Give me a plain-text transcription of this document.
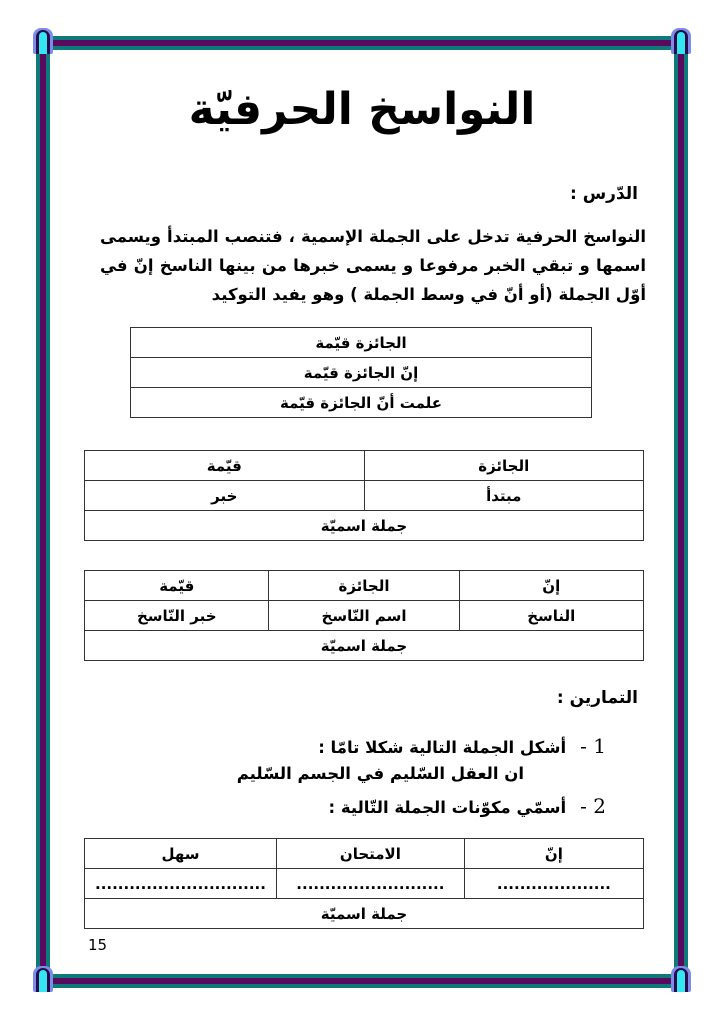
النواسخ الحرفيّة
الدّرس :
النواسخ الحرفية تدخل على الجملة الإسمية ، فتنصب المبتدأ ويسمى اسمها و تبقي الخبر مرفوعا و يسمى خبرها من بينها الناسخ إنّ في أوّل الجملة (أو أنّ في وسط الجملة ) وهو يفيد التوكيد
الجائزة قيّمة
إنّ الجائزة قيّمة
علمت أنّ الجائزة قيّمة
الجائزة	قيّمة
مبتدأ	خبر
جملة اسميّة	
إنّ	الجائزة	قيّمة
الناسخ	اسم النّاسخ	خبر النّاسخ
جملة اسميّة		
التمارين :
1 -أشكل الجملة التالية شكلا تامّا :
ان العقل السّليم في الجسم السّليم
2 -أسمّي مكوّنات الجملة التّالية :
إنّ	الامتحان	سهل
....................	..........................	..............................
جملة اسميّة		
15
